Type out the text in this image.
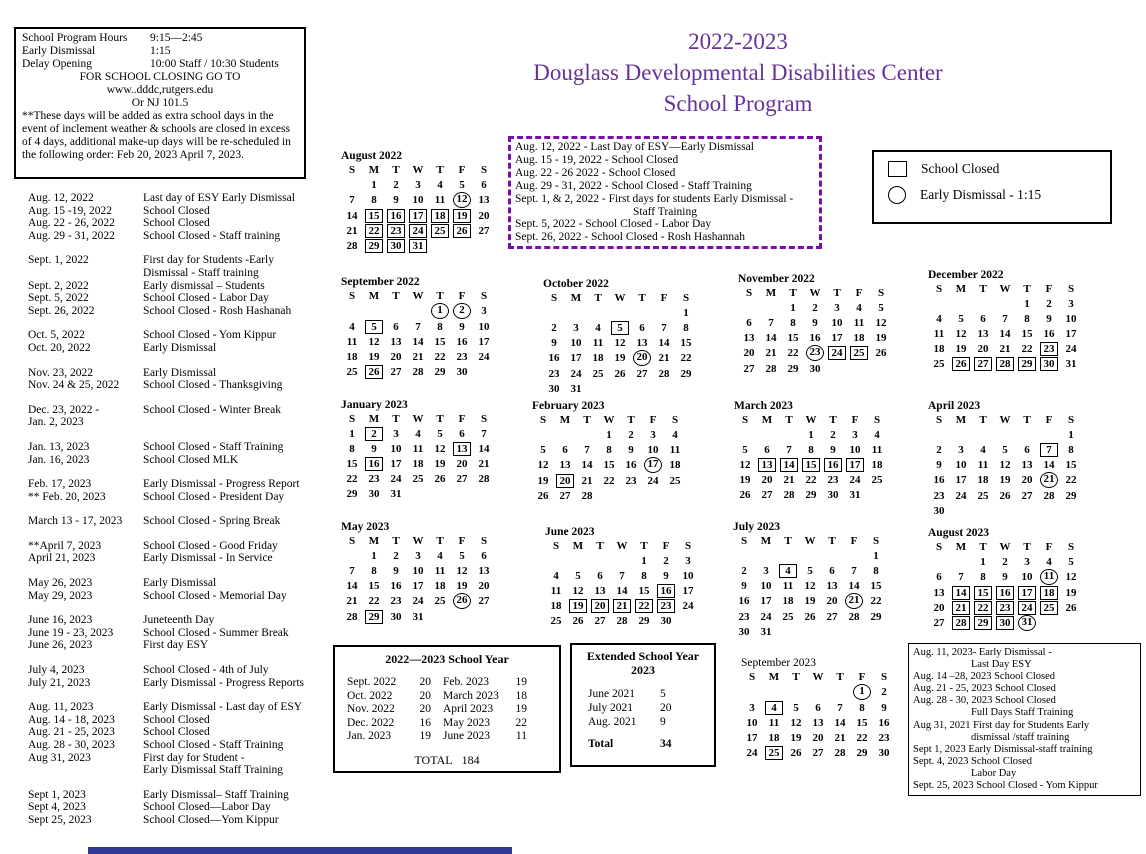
School Program Hours	9:15—2:45
Early Dismissal	1:15
Delay Opening	10:00 Staff / 10:30 Students
FOR SCHOOL CLOSING GO TO
www..dddc,rutgers.edu
Or NJ 101.5
**These days will be added as extra school days in the event of inclement weather & schools are closed in excess of 4 days, additional make-up days will be re-scheduled in the following order: Feb 20, 2023 April 7, 2023.
Aug. 12, 2022	Last day of ESY Early Dismissal
Aug. 15 -19, 2022	School Closed
Aug. 22 - 26, 2022	School Closed
Aug. 29 - 31, 2022	School Closed - Staff training
Sept. 1, 2022	First day for Students -Early
Dismissal - Staff training
Sept. 2, 2022	Early dismissal – Students
Sept. 5, 2022	School Closed - Labor Day
Sept. 26, 2022	School Closed - Rosh Hashanah
Oct. 5, 2022	School Closed - Yom Kippur
Oct. 20, 2022	Early Dismissal
Nov. 23, 2022	Early Dismissal
Nov. 24 & 25, 2022	School Closed - Thanksgiving
Dec. 23, 2022 -	School Closed - Winter Break
Jan. 2, 2023
Jan. 13, 2023	School Closed - Staff Training
Jan. 16, 2023	School Closed MLK
Feb. 17, 2023	Early Dismissal - Progress Report
** Feb. 20, 2023	School Closed - President Day
March 13 - 17, 2023	School Closed - Spring Break
**April 7, 2023	School Closed - Good Friday
April 21, 2023	Early Dismissal - In Service
May 26, 2023	Early Dismissal
May 29, 2023	School Closed - Memorial Day
June 16, 2023	Juneteenth Day
June 19 - 23, 2023	School Closed - Summer Break
June 26, 2023	First day ESY
July 4, 2023	School Closed - 4th of July
July 21, 2023	Early Dismissal - Progress Reports
Aug. 11, 2023	Early Dismissal - Last day of ESY
Aug. 14 - 18, 2023	School Closed
Aug. 21 - 25, 2023	School Closed
Aug. 28 - 30, 2023	School Closed - Staff Training
Aug 31, 2023	First day for Student -
Early Dismissal Staff Training
Sept 1, 2023	Early Dismissal– Staff Training
Sept 4, 2023	School Closed—Labor Day
Sept 25, 2023	School Closed—Yom Kippur
2022-2023
Douglass Developmental Disabilities Center
School Program
Aug. 12, 2022 - Last Day of ESY—Early Dismissal
Aug. 15 - 19, 2022 - School Closed
Aug. 22 - 26 2022 - School Closed
Aug. 29 - 31, 2022 - School Closed - Staff Training
Sept. 1, & 2, 2022 - First days for students Early Dismissal -
Staff Training
Sept. 5, 2022 - School Closed - Labor Day
Sept. 26, 2022 - School Closed - Rosh Hashannah
School Closed
Early Dismissal - 1:15
August 2022
S	M	T	W	T	F	S
	1	2	3	4	5	6
7	8	9	10	11	12	13
14	15	16	17	18	19	20
21	22	23	24	25	26	27
28	29	30	31			
September 2022
S	M	T	W	T	F	S
				1	2	3
4	5	6	7	8	9	10
11	12	13	14	15	16	17
18	19	20	21	22	23	24
25	26	27	28	29	30	
October 2022
S	M	T	W	T	F	S
						1
2	3	4	5	6	7	8
9	10	11	12	13	14	15
16	17	18	19	20	21	22
23	24	25	26	27	28	29
30	31					
November 2022
S	M	T	W	T	F	S
		1	2	3	4	5
6	7	8	9	10	11	12
13	14	15	16	17	18	19
20	21	22	23	24	25	26
27	28	29	30			
December 2022
S	M	T	W	T	F	S
				1	2	3
4	5	6	7	8	9	10
11	12	13	14	15	16	17
18	19	20	21	22	23	24
25	26	27	28	29	30	31
January 2023
S	M	T	W	T	F	S
1	2	3	4	5	6	7
8	9	10	11	12	13	14
15	16	17	18	19	20	21
22	23	24	25	26	27	28
29	30	31				
February 2023
S	M	T	W	T	F	S
			1	2	3	4
5	6	7	8	9	10	11
12	13	14	15	16	17	18
19	20	21	22	23	24	25
26	27	28				
March 2023
S	M	T	W	T	F	S
			1	2	3	4
5	6	7	8	9	10	11
12	13	14	15	16	17	18
19	20	21	22	23	24	25
26	27	28	29	30	31	
April 2023
S	M	T	W	T	F	S
						1
2	3	4	5	6	7	8
9	10	11	12	13	14	15
16	17	18	19	20	21	22
23	24	25	26	27	28	29
30						
May 2023
S	M	T	W	T	F	S
	1	2	3	4	5	6
7	8	9	10	11	12	13
14	15	16	17	18	19	20
21	22	23	24	25	26	27
28	29	30	31			
June 2023
S	M	T	W	T	F	S
				1	2	3
4	5	6	7	8	9	10
11	12	13	14	15	16	17
18	19	20	21	22	23	24
25	26	27	28	29	30	
July 2023
S	M	T	W	T	F	S
						1
2	3	4	5	6	7	8
9	10	11	12	13	14	15
16	17	18	19	20	21	22
23	24	25	26	27	28	29
30	31					
August 2023
S	M	T	W	T	F	S
		1	2	3	4	5
6	7	8	9	10	11	12
13	14	15	16	17	18	19
20	21	22	23	24	25	26
27	28	29	30	31		
September 2023
S	M	T	W	T	F	S
					1	2
3	4	5	6	7	8	9
10	11	12	13	14	15	16
17	18	19	20	21	22	23
24	25	26	27	28	29	30
2022—2023 School Year
Sept. 2022	20
Oct. 2022	20
Nov. 2022	20
Dec. 2022	16
Jan. 2023	19
Feb. 2023	19
March 2023	18
April 2023	19
May 2023	22
June 2023	11
TOTAL 184
Extended School Year
2023
June 2021	5
July 2021	20
Aug. 2021	9
Total	34
Aug. 11, 2023- Early Dismissal -
Last Day ESY
Aug. 14 –28, 2023 School Closed
Aug. 21 - 25, 2023 School Closed
Aug. 28 - 30, 2023 School Closed
Full Days Staff Training
Aug 31, 2021 First day for Students Early
dismissal /staff training
Sept 1, 2023 Early Dismissal-staff training
Sept. 4, 2023 School Closed
Labor Day
Sept. 25, 2023 School Closed - Yom Kippur
